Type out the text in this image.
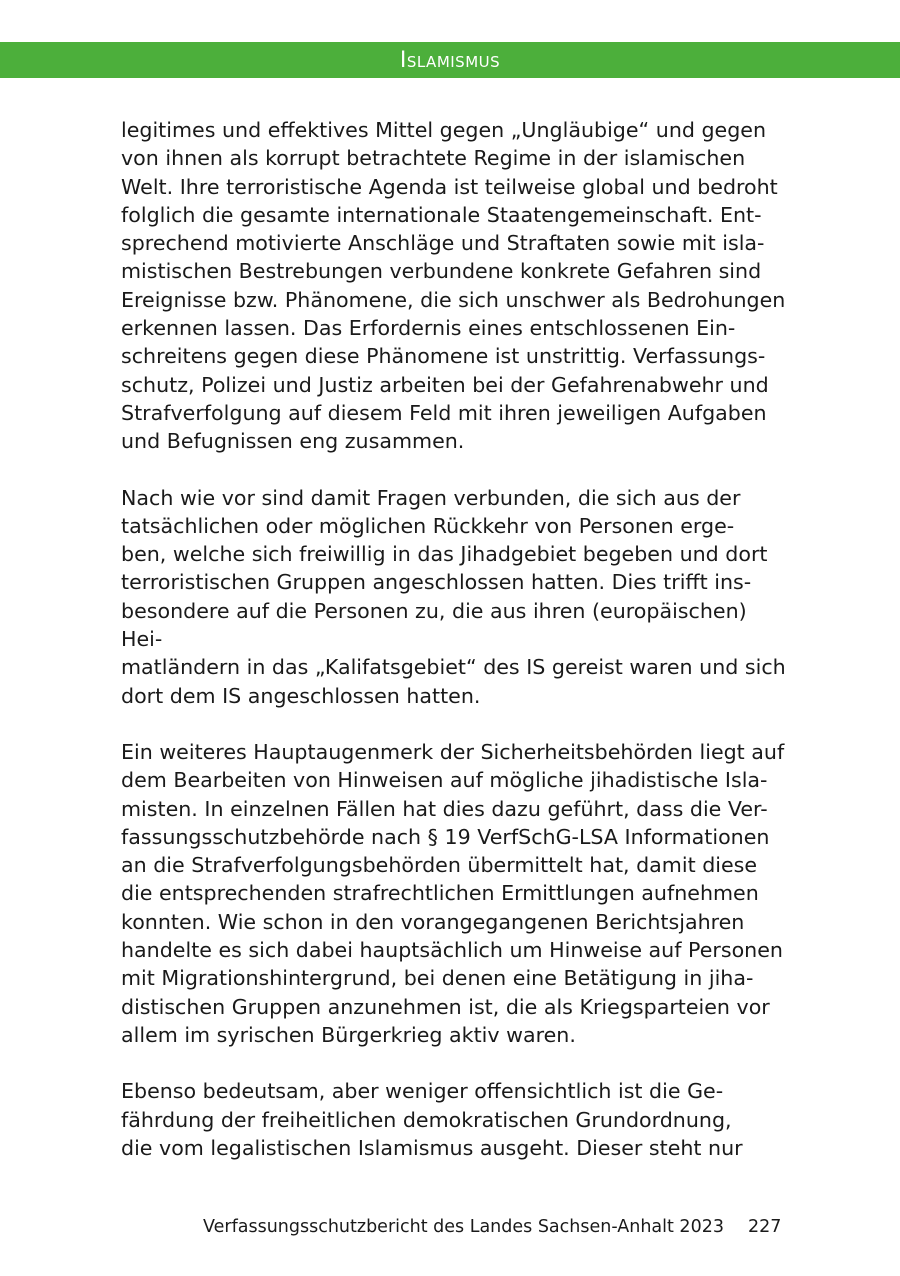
Islamismus

legitimes und effektives Mittel gegen „Ungläubige“ und gegen
von ihnen als korrupt betrachtete Regime in der islamischen
Welt. Ihre terroristische Agenda ist teilweise global und bedroht
folglich die gesamte internationale Staatengemeinschaft. Ent-
sprechend motivierte Anschläge und Straftaten sowie mit isla-
mistischen Bestrebungen verbundene konkrete Gefahren sind
Ereignisse bzw. Phänomene, die sich unschwer als Bedrohungen
erkennen lassen. Das Erfordernis eines entschlossenen Ein-
schreitens gegen diese Phänomene ist unstrittig. Verfassungs-
schutz, Polizei und Justiz arbeiten bei der Gefahrenabwehr und
Strafverfolgung auf diesem Feld mit ihren jeweiligen Aufgaben
und Befugnissen eng zusammen.

Nach wie vor sind damit Fragen verbunden, die sich aus der
tatsächlichen oder möglichen Rückkehr von Personen erge-
ben, welche sich freiwillig in das Jihadgebiet begeben und dort
terroristischen Gruppen angeschlossen hatten. Dies trifft ins-
besondere auf die Personen zu, die aus ihren (europäischen) Hei-
matländern in das „Kalifatsgebiet“ des IS gereist waren und sich
dort dem IS angeschlossen hatten.

Ein weiteres Hauptaugenmerk der Sicherheitsbehörden liegt auf
dem Bearbeiten von Hinweisen auf mögliche jihadistische Isla-
misten. In einzelnen Fällen hat dies dazu geführt, dass die Ver-
fassungsschutzbehörde nach § 19 VerfSchG-LSA Informationen
an die Strafverfolgungsbehörden übermittelt hat, damit diese
die entsprechenden strafrechtlichen Ermittlungen aufnehmen
konnten. Wie schon in den vorangegangenen Berichtsjahren
handelte es sich dabei hauptsächlich um Hinweise auf Personen
mit Migrationshintergrund, bei denen eine Betätigung in jiha-
distischen Gruppen anzunehmen ist, die als Kriegsparteien vor
allem im syrischen Bürgerkrieg aktiv waren.

Ebenso bedeutsam, aber weniger offensichtlich ist die Ge-
fährdung der freiheitlichen demokratischen Grundordnung,
die vom legalistischen Islamismus ausgeht. Dieser steht nur

Verfassungsschutzbericht des Landes Sachsen-Anhalt 2023 227
